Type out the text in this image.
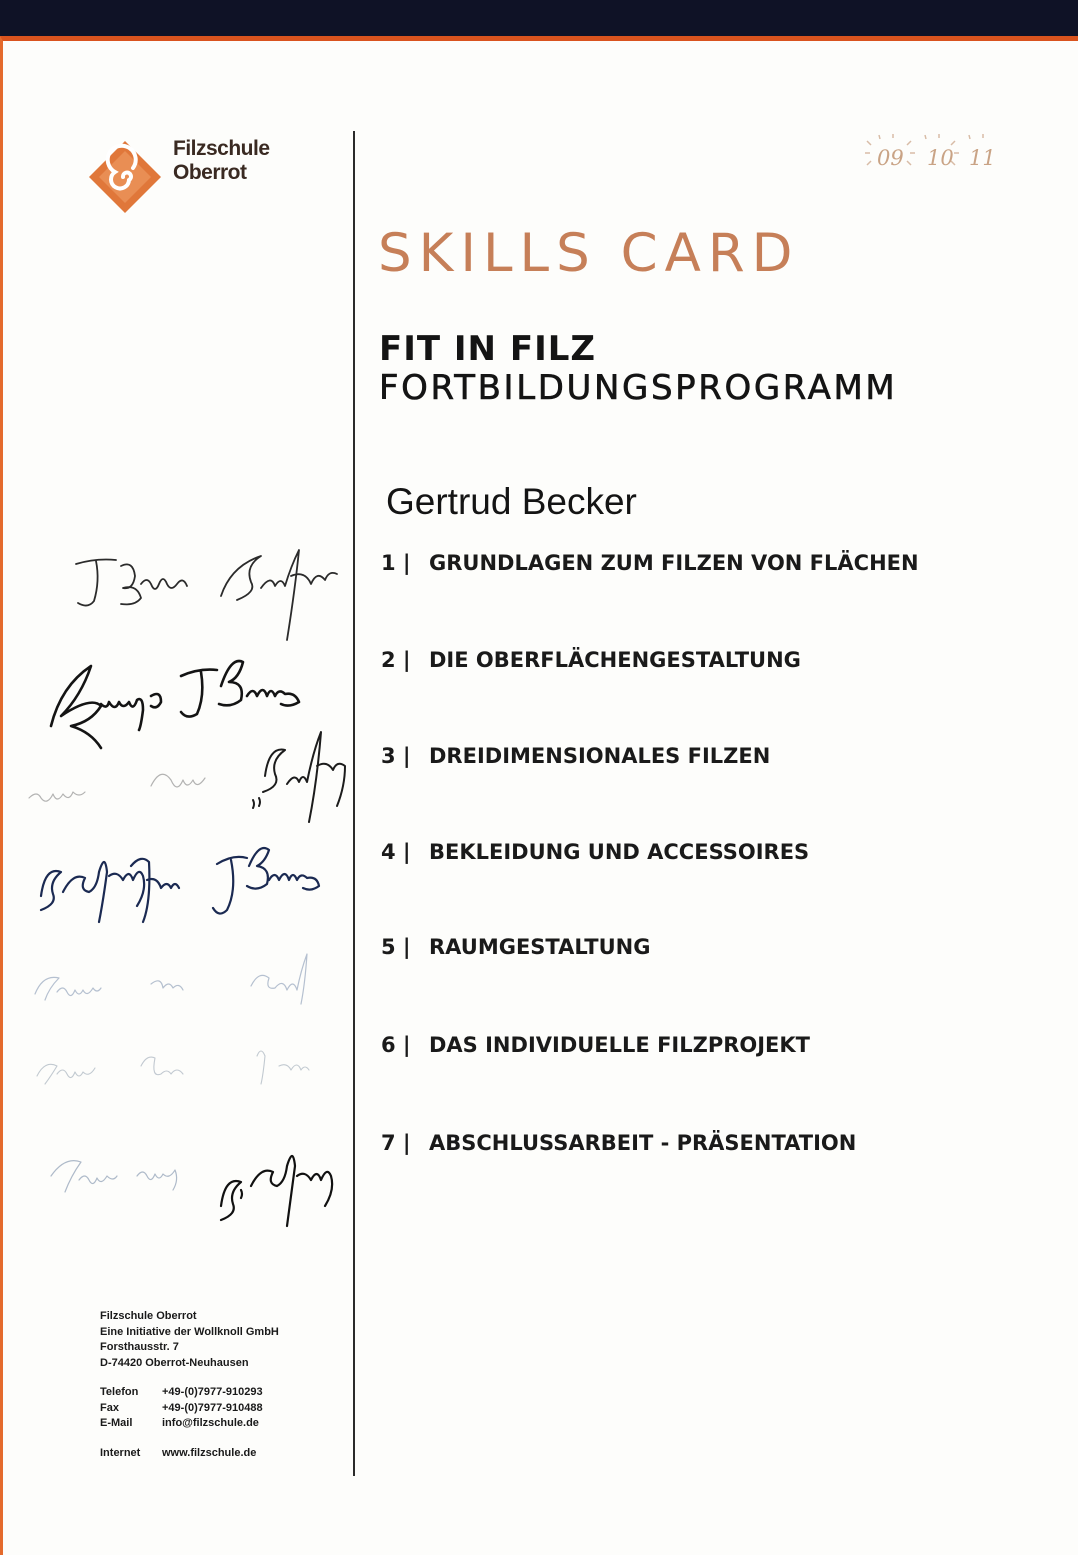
Filzschule
Oberrot
09 10 11
SKILLS CARD
FIT IN FILZ
FORTBILDUNGSPROGRAMM
Gertrud Becker
1 | GRUNDLAGEN ZUM FILZEN VON FLÄCHEN
2 | DIE OBERFLÄCHENGESTALTUNG
3 | DREIDIMENSIONALES FILZEN
4 | BEKLEIDUNG UND ACCESSOIRES
5 | RAUMGESTALTUNG
6 | DAS INDIVIDUELLE FILZPROJEKT
7 | ABSCHLUSSARBEIT - PRÄSENTATION
Filzschule Oberrot
Eine Initiative der Wollknoll GmbH
Forsthausstr. 7
D-74420 Oberrot-Neuhausen
Telefon +49-(0)7977-910293
Fax	+49-(0)7977-910488
E-Mail	info@filzschule.de
Internet www.filzschule.de
